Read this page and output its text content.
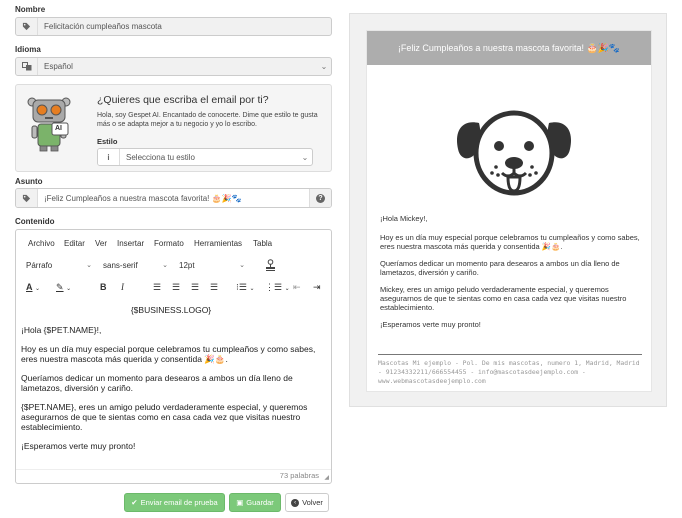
Nombre
Felicitación cumpleaños mascota
Idioma
Español	⌄
AI
¿Quieres que escriba el email por ti?
Hola, soy Gespet AI. Encantado de conocerte. Dime que estilo te gusta más o se adapta mejor a tu negocio y yo lo escribo.
Estilo
i	Selecciona tu estilo	⌄
Asunto
¡Feliz Cumpleaños a nuestra mascota favorita! 🎂🎉🐾	?
Contenido
Archivo Editar Ver Insertar Formato Herramientas Tabla
Párrafo	⌄ sans-serif	⌄ 12pt	⌄
A ⌄ ✎ ⌄	B I	☰ ☰ ☰ ☰ ⁝☰ ⌄ ⋮☰ ⌄ ⇤ ⇥

{$BUSINESS.LOGO}

¡Hola {$PET.NAME}!,

Hoy es un día muy especial porque celebramos tu cumpleaños y como sabes, eres nuestra mascota más querida y consentida 🎉🎂.

Queríamos dedicar un momento para desearos a ambos un día lleno de lametazos, diversión y cariño.

{$PET.NAME}, eres un amigo peludo verdaderamente especial, y queremos asegurarnos de que te sientas como en casa cada vez que visitas nuestro establecimiento.

¡Esperamos verte muy pronto!

73 palabras ◢
✔ Enviar email de prueba ▣ Guardar	‹ Volver
¡Feliz Cumpleaños a nuestra mascota favorita! 🎂🎉🐾

¡Hola Mickey!,

Hoy es un día muy especial porque celebramos tu cumpleaños y como sabes, eres nuestra mascota más querida y consentida 🎉🎂.

Queríamos dedicar un momento para desearos a ambos un día lleno de lametazos, diversión y cariño.

Mickey, eres un amigo peludo verdaderamente especial, y queremos asegurarnos de que te sientas como en casa cada vez que visitas nuestro establecimiento.

¡Esperamos verte muy pronto!

Mascotas Mi ejemplo - Pol. De mis mascotas, numero 1, Madrid, Madrid
- 91234332211/666554455 - info@mascotasdeejemplo.com -
www.webmascotasdeejemplo.com
